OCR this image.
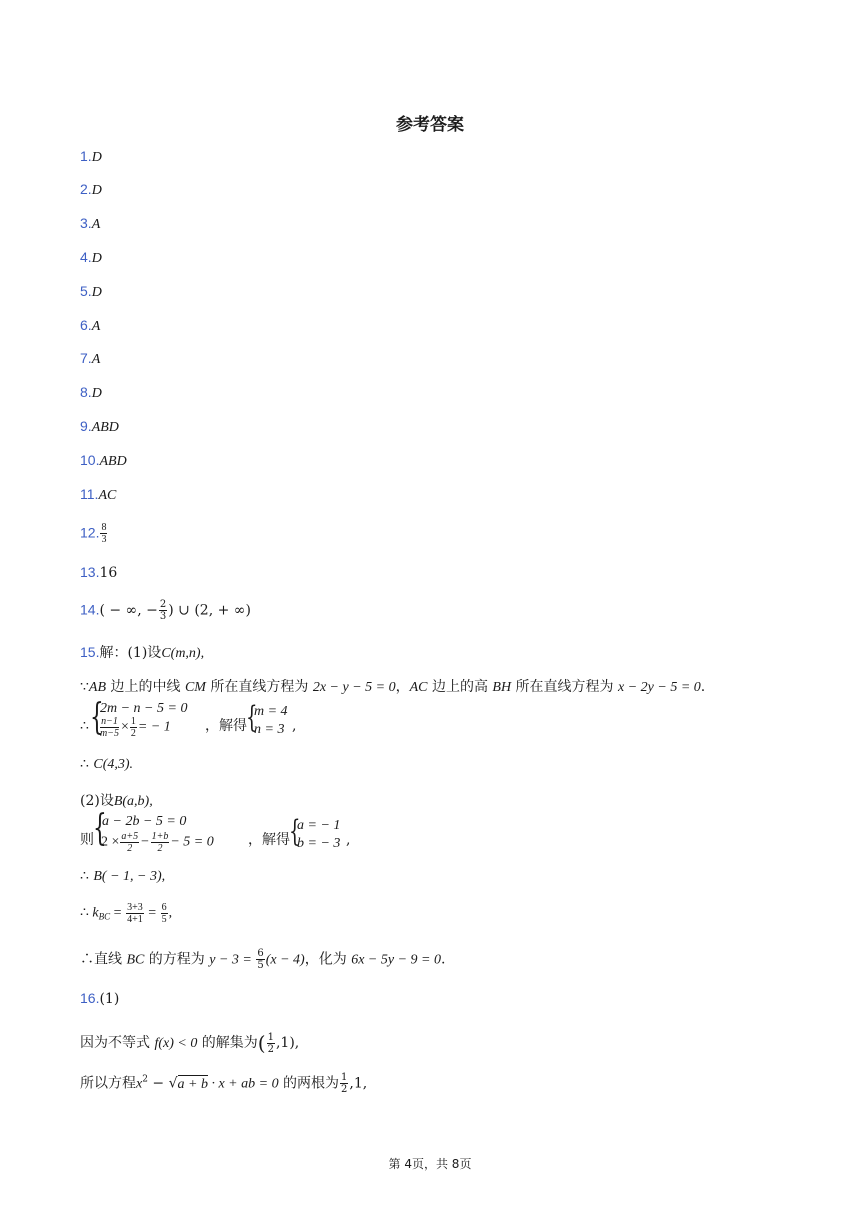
参考答案
1.D
2.D
3.A
4.D
5.D
6.A
7.A
8.D
9.ABD
10.ABD
11.AC
12. $\frac{8}{3}$
13.16
14.( − ∞, − $\frac{2}{3}$ ) ∪ (2, + ∞)
15.解：(1)设C(m,n),
∵AB 边上的中线 CM 所在直线方程为 2x − y − 5 = 0，AC 边上的高 BH 所在直线方程为 x − 2y − 5 = 0.
∴ {
2m − n − 5 = 0
$\frac{n-1}{m-5} \times \frac{1}{2}$ = − 1 ，解得 {
m = 4
n = 3 ,
∴ C(4,3).
(2)设B(a,b),
则 {
a − 2b − 5 = 0
$2 \times \frac{a+5}{2} - \frac{1+b}{2} - 5 = 0$ ，解得 {
a = − 1
b = − 3 ,
∴ B( − 1, − 3),
∴ $k_{BC} = \frac{3+3}{4+1} = \frac{6}{5}$ ,
∴直线 BC 的方程为 $y - 3 = \frac{6}{5} (x - 4)$，化为 6x − 5y − 9 = 0.
16.(1)
因为不等式 f(x) < 0 的解集为( $\frac{1}{2} ,1$),
所以方程$x^2 - √a + b \cdot x$ + ab = 0 的两根为 $\frac{1}{2} ,1$,
第 4页，共 8页
